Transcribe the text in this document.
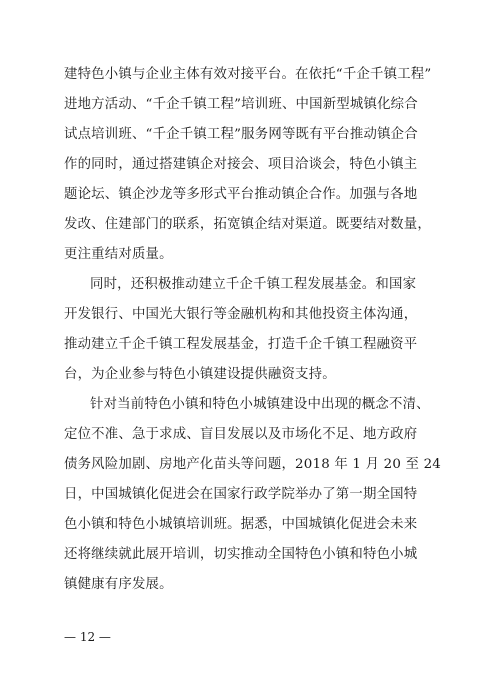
建特色小镇与企业主体有效对接平台。在依托“千企千镇工程”
进地方活动、“千企千镇工程”培训班、中国新型城镇化综合
试点培训班、“千企千镇工程”服务网等既有平台推动镇企合
作的同时，通过搭建镇企对接会、项目洽谈会，特色小镇主
题论坛、镇企沙龙等多形式平台推动镇企合作。加强与各地
发改、住建部门的联系，拓宽镇企结对渠道。既要结对数量，
更注重结对质量。
同时，还积极推动建立千企千镇工程发展基金。和国家
开发银行、中国光大银行等金融机构和其他投资主体沟通，
推动建立千企千镇工程发展基金，打造千企千镇工程融资平
台，为企业参与特色小镇建设提供融资支持。
针对当前特色小镇和特色小城镇建设中出现的概念不清、
定位不准、急于求成、盲目发展以及市场化不足、地方政府
债务风险加剧、房地产化苗头等问题，2018 年 1 月 20 至 24
日，中国城镇化促进会在国家行政学院举办了第一期全国特
色小镇和特色小城镇培训班。据悉，中国城镇化促进会未来
还将继续就此展开培训，切实推动全国特色小镇和特色小城
镇健康有序发展。
— 12 —
